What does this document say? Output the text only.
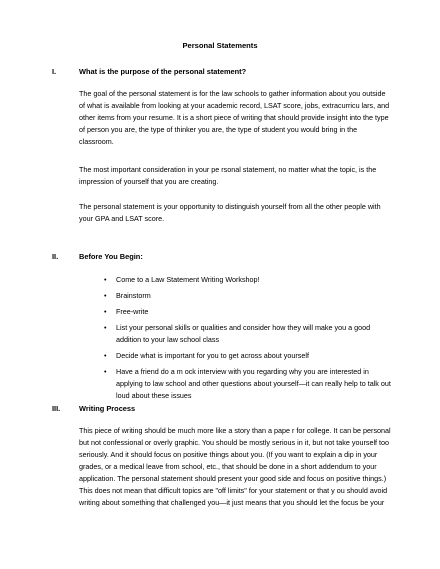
Personal Statements
I.	What is the purpose of the personal statement?

The goal of the personal statement is for the law schools to gather information about you outside of what is available from looking at your academic record, LSAT score, jobs, extracurricu lars, and other items from your resume. It is a short piece of writing that should provide insight into the type of person you are, the type of thinker you are, the type of student you would bring in the classroom.

The most important consideration in your pe rsonal statement, no matter what the topic, is the impression of yourself that you are creating.

The personal statement is your opportunity to distinguish yourself from all the other people with your GPA and LSAT score.

II.	Before You Begin:
• Come to a Law Statement Writing Workshop!
• Brainstorm
• Free-write
• List your personal skills or qualities and consider how they will make you a good addition to your law school class
• Decide what is important for you to get across about yourself
• Have a friend do a m ock interview with you regarding why you are interested in applying to law school and other questions about yourself—it can really help to talk out loud about these issues
III.	Writing Process

This piece of writing should be much more like a story than a pape r for college. It can be personal but not confessional or overly graphic. You should be mostly serious in it, but not take yourself too seriously. And it should focus on positive things about you. (If you want to explain a dip in your grades, or a medical leave from school, etc., that should be done in a short addendum to your application. The personal statement should present your good side and focus on positive things.) This does not mean that difficult topics are "off limits" for your statement or that y ou should avoid writing about something that challenged you—it just means that you should let the focus be your
